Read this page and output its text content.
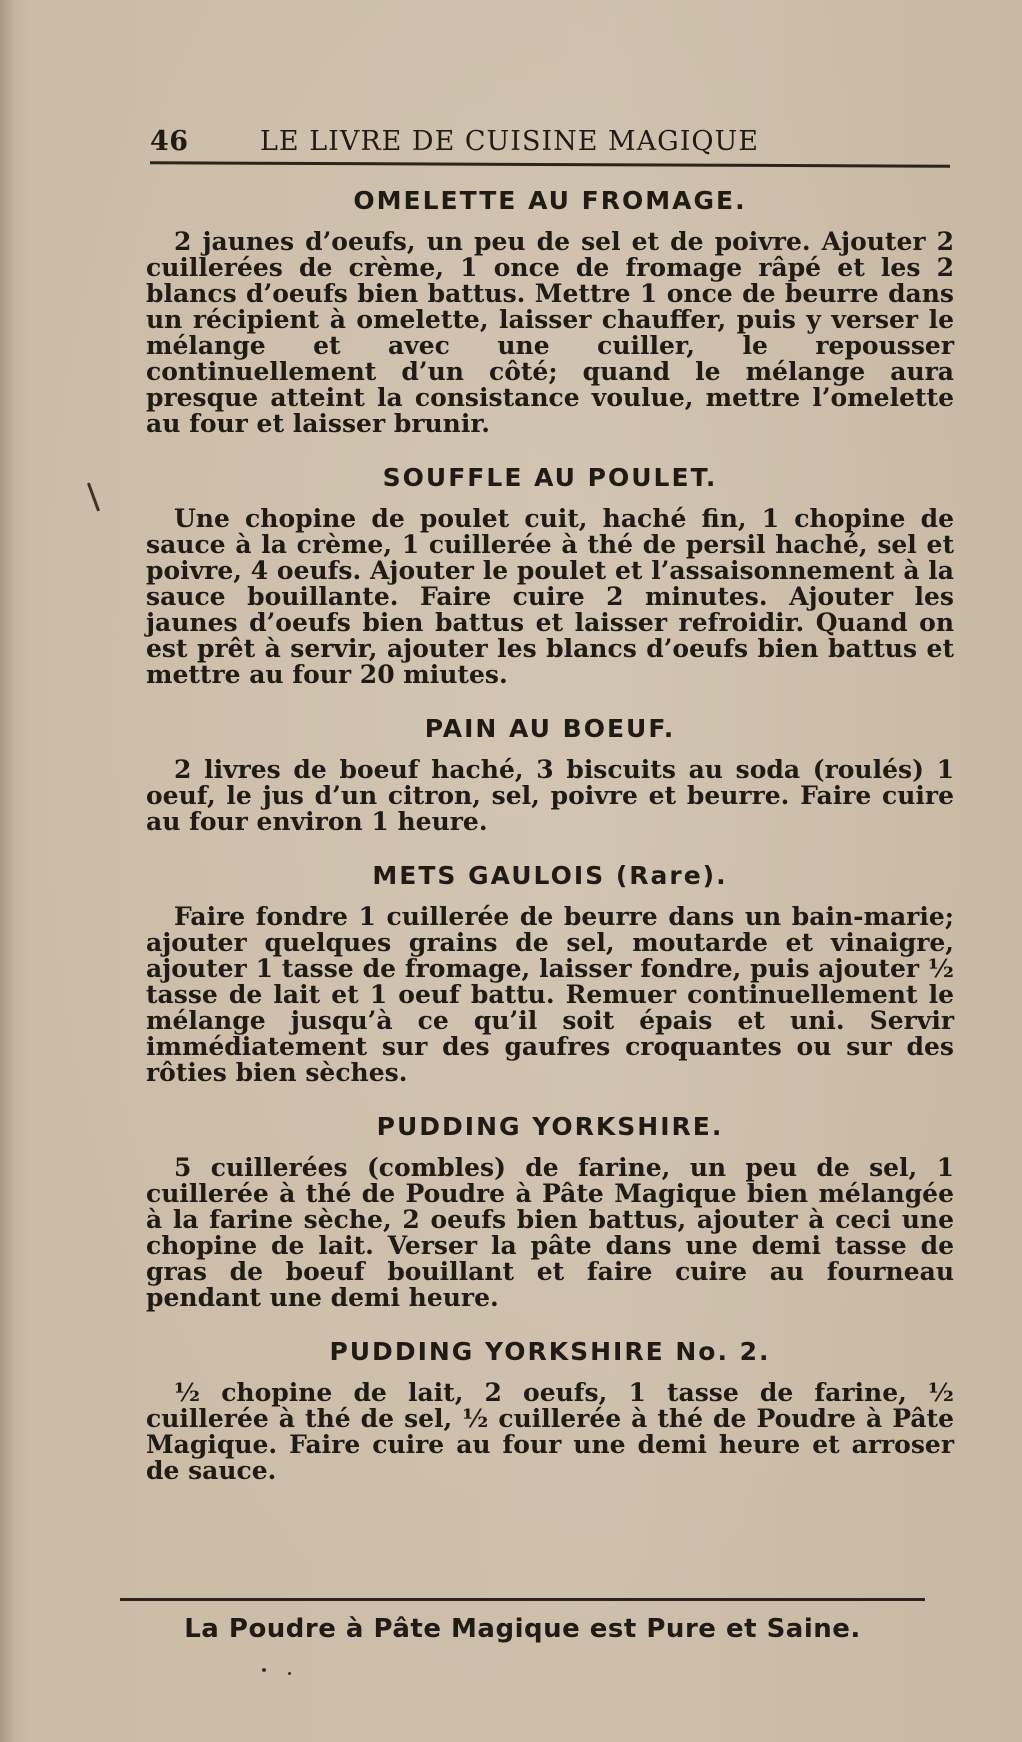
46	LE LIVRE DE CUISINE MAGIQUE
OMELETTE AU FROMAGE.

2 jaunes d’oeufs, un peu de sel et de poivre. Ajouter 2 cuillerées de crème, 1 once de fromage râpé et les 2 blancs d’oeufs bien battus. Mettre 1 once de beurre dans un récipient à omelette, laisser chauffer, puis y verser le mélange et avec une cuiller, le repousser continuellement d’un côté; quand le mélange aura presque atteint la consistance voulue, mettre l’omelette au four et laisser brunir.

SOUFFLE AU POULET.

Une chopine de poulet cuit, haché fin, 1 chopine de sauce à la crème, 1 cuillerée à thé de persil haché, sel et poivre, 4 oeufs. Ajouter le poulet et l’assaisonnement à la sauce bouillante. Faire cuire 2 minutes. Ajouter les jaunes d’oeufs bien battus et laisser refroidir. Quand on est prêt à servir, ajouter les blancs d’oeufs bien battus et mettre au four 20 miutes.

PAIN AU BOEUF.

2 livres de boeuf haché, 3 biscuits au soda (roulés) 1 oeuf, le jus d’un citron, sel, poivre et beurre. Faire cuire au four environ 1 heure.

METS GAULOIS (Rare).

Faire fondre 1 cuillerée de beurre dans un bain-marie; ajouter quelques grains de sel, moutarde et vinaigre, ajouter 1 tasse de fromage, laisser fondre, puis ajouter ½ tasse de lait et 1 oeuf battu. Remuer continuellement le mélange jusqu’à ce qu’il soit épais et uni. Servir immédiatement sur des gaufres croquantes ou sur des rôties bien sèches.

PUDDING YORKSHIRE.

5 cuillerées (combles) de farine, un peu de sel, 1 cuillerée à thé de Poudre à Pâte Magique bien mélangée à la farine sèche, 2 oeufs bien battus, ajouter à ceci une chopine de lait. Verser la pâte dans une demi tasse de gras de boeuf bouillant et faire cuire au fourneau pendant une demi heure.

PUDDING YORKSHIRE No. 2.

½ chopine de lait, 2 oeufs, 1 tasse de farine, ½ cuillerée à thé de sel, ½ cuillerée à thé de Poudre à Pâte Magique. Faire cuire au four une demi heure et arroser de sauce.

La Poudre à Pâte Magique est Pure et Saine.
